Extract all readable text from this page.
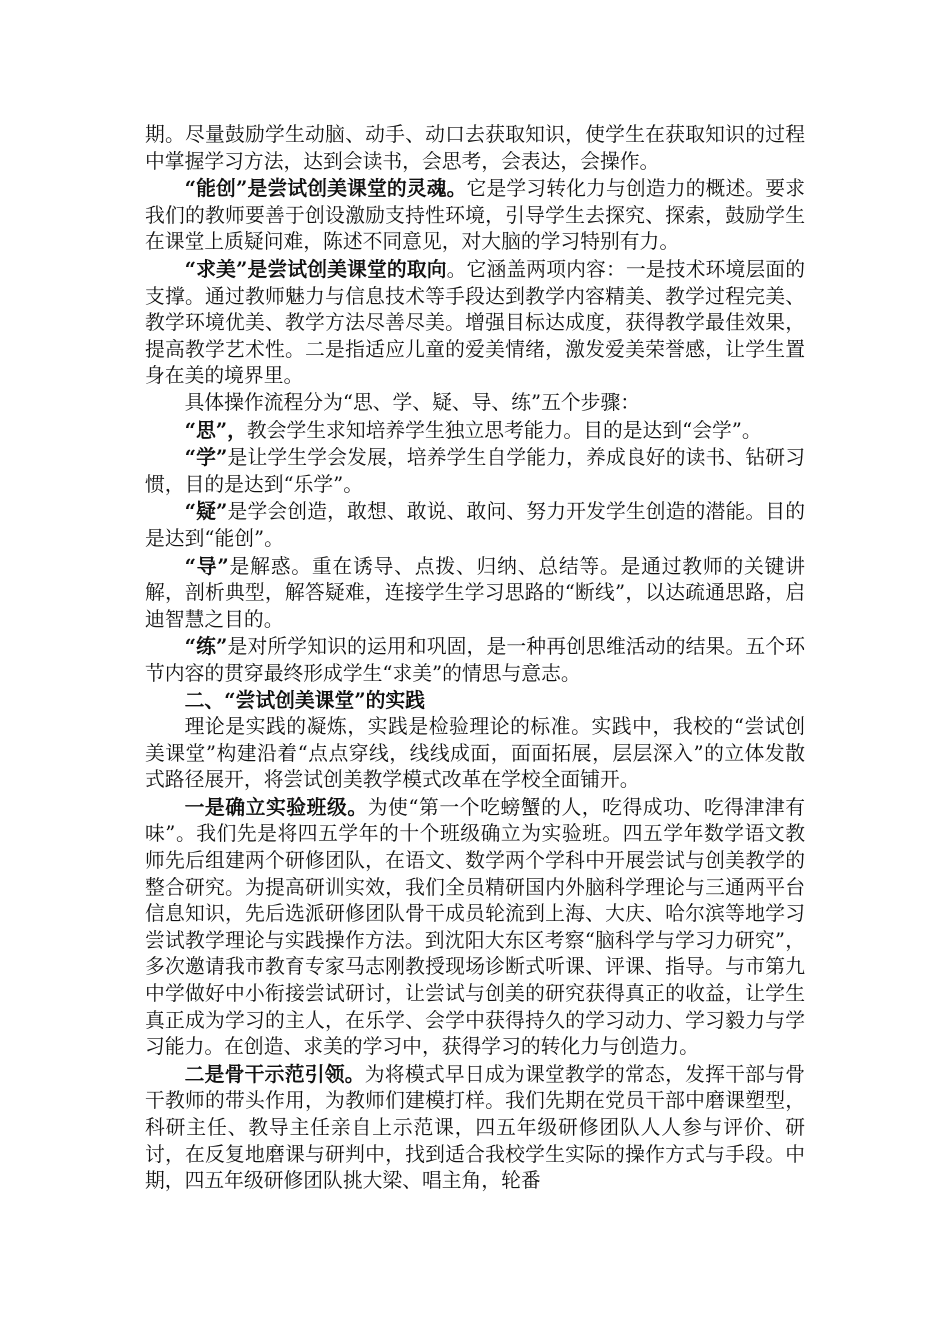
期。尽量鼓励学生动脑、动手、动口去获取知识，使学生在获取知识的过程中掌握学习方法，达到会读书，会思考，会表达，会操作。

“能创”是尝试创美课堂的灵魂。它是学习转化力与创造力的概述。要求我们的教师要善于创设激励支持性环境，引导学生去探究、探索，鼓励学生在课堂上质疑问难，陈述不同意见，对大脑的学习特别有力。

“求美”是尝试创美课堂的取向。它涵盖两项内容：一是技术环境层面的支撑。通过教师魅力与信息技术等手段达到教学内容精美、教学过程完美、教学环境优美、教学方法尽善尽美。增强目标达成度，获得教学最佳效果，提高教学艺术性。二是指适应儿童的爱美情绪，激发爱美荣誉感，让学生置身在美的境界里。

具体操作流程分为“思、学、疑、导、练”五个步骤：

“思”，教会学生求知培养学生独立思考能力。目的是达到“会学”。

“学”是让学生学会发展，培养学生自学能力，养成良好的读书、钻研习惯，目的是达到“乐学”。

“疑”是学会创造，敢想、敢说、敢问、努力开发学生创造的潜能。目的是达到“能创”。

“导”是解惑。重在诱导、点拨、归纳、总结等。是通过教师的关键讲解，剖析典型，解答疑难，连接学生学习思路的“断线”，以达疏通思路，启迪智慧之目的。

“练”是对所学知识的运用和巩固，是一种再创思维活动的结果。五个环节内容的贯穿最终形成学生“求美”的情思与意志。

二、“尝试创美课堂”的实践

理论是实践的凝炼，实践是检验理论的标准。实践中，我校的“尝试创美课堂”构建沿着“点点穿线，线线成面，面面拓展，层层深入”的立体发散式路径展开，将尝试创美教学模式改革在学校全面铺开。

一是确立实验班级。为使“第一个吃螃蟹的人，吃得成功、吃得津津有味”。我们先是将四五学年的十个班级确立为实验班。四五学年数学语文教师先后组建两个研修团队，在语文、数学两个学科中开展尝试与创美教学的整合研究。为提高研训实效，我们全员精研国内外脑科学理论与三通两平台信息知识，先后选派研修团队骨干成员轮流到上海、大庆、哈尔滨等地学习尝试教学理论与实践操作方法。到沈阳大东区考察“脑科学与学习力研究”，多次邀请我市教育专家马志刚教授现场诊断式听课、评课、指导。与市第九中学做好中小衔接尝试研讨，让尝试与创美的研究获得真正的收益，让学生真正成为学习的主人，在乐学、会学中获得持久的学习动力、学习毅力与学习能力。在创造、求美的学习中，获得学习的转化力与创造力。

二是骨干示范引领。为将模式早日成为课堂教学的常态，发挥干部与骨干教师的带头作用，为教师们建模打样。我们先期在党员干部中磨课塑型，科研主任、教导主任亲自上示范课，四五年级研修团队人人参与评价、研讨，在反复地磨课与研判中，找到适合我校学生实际的操作方式与手段。中期，四五年级研修团队挑大梁、唱主角，轮番
